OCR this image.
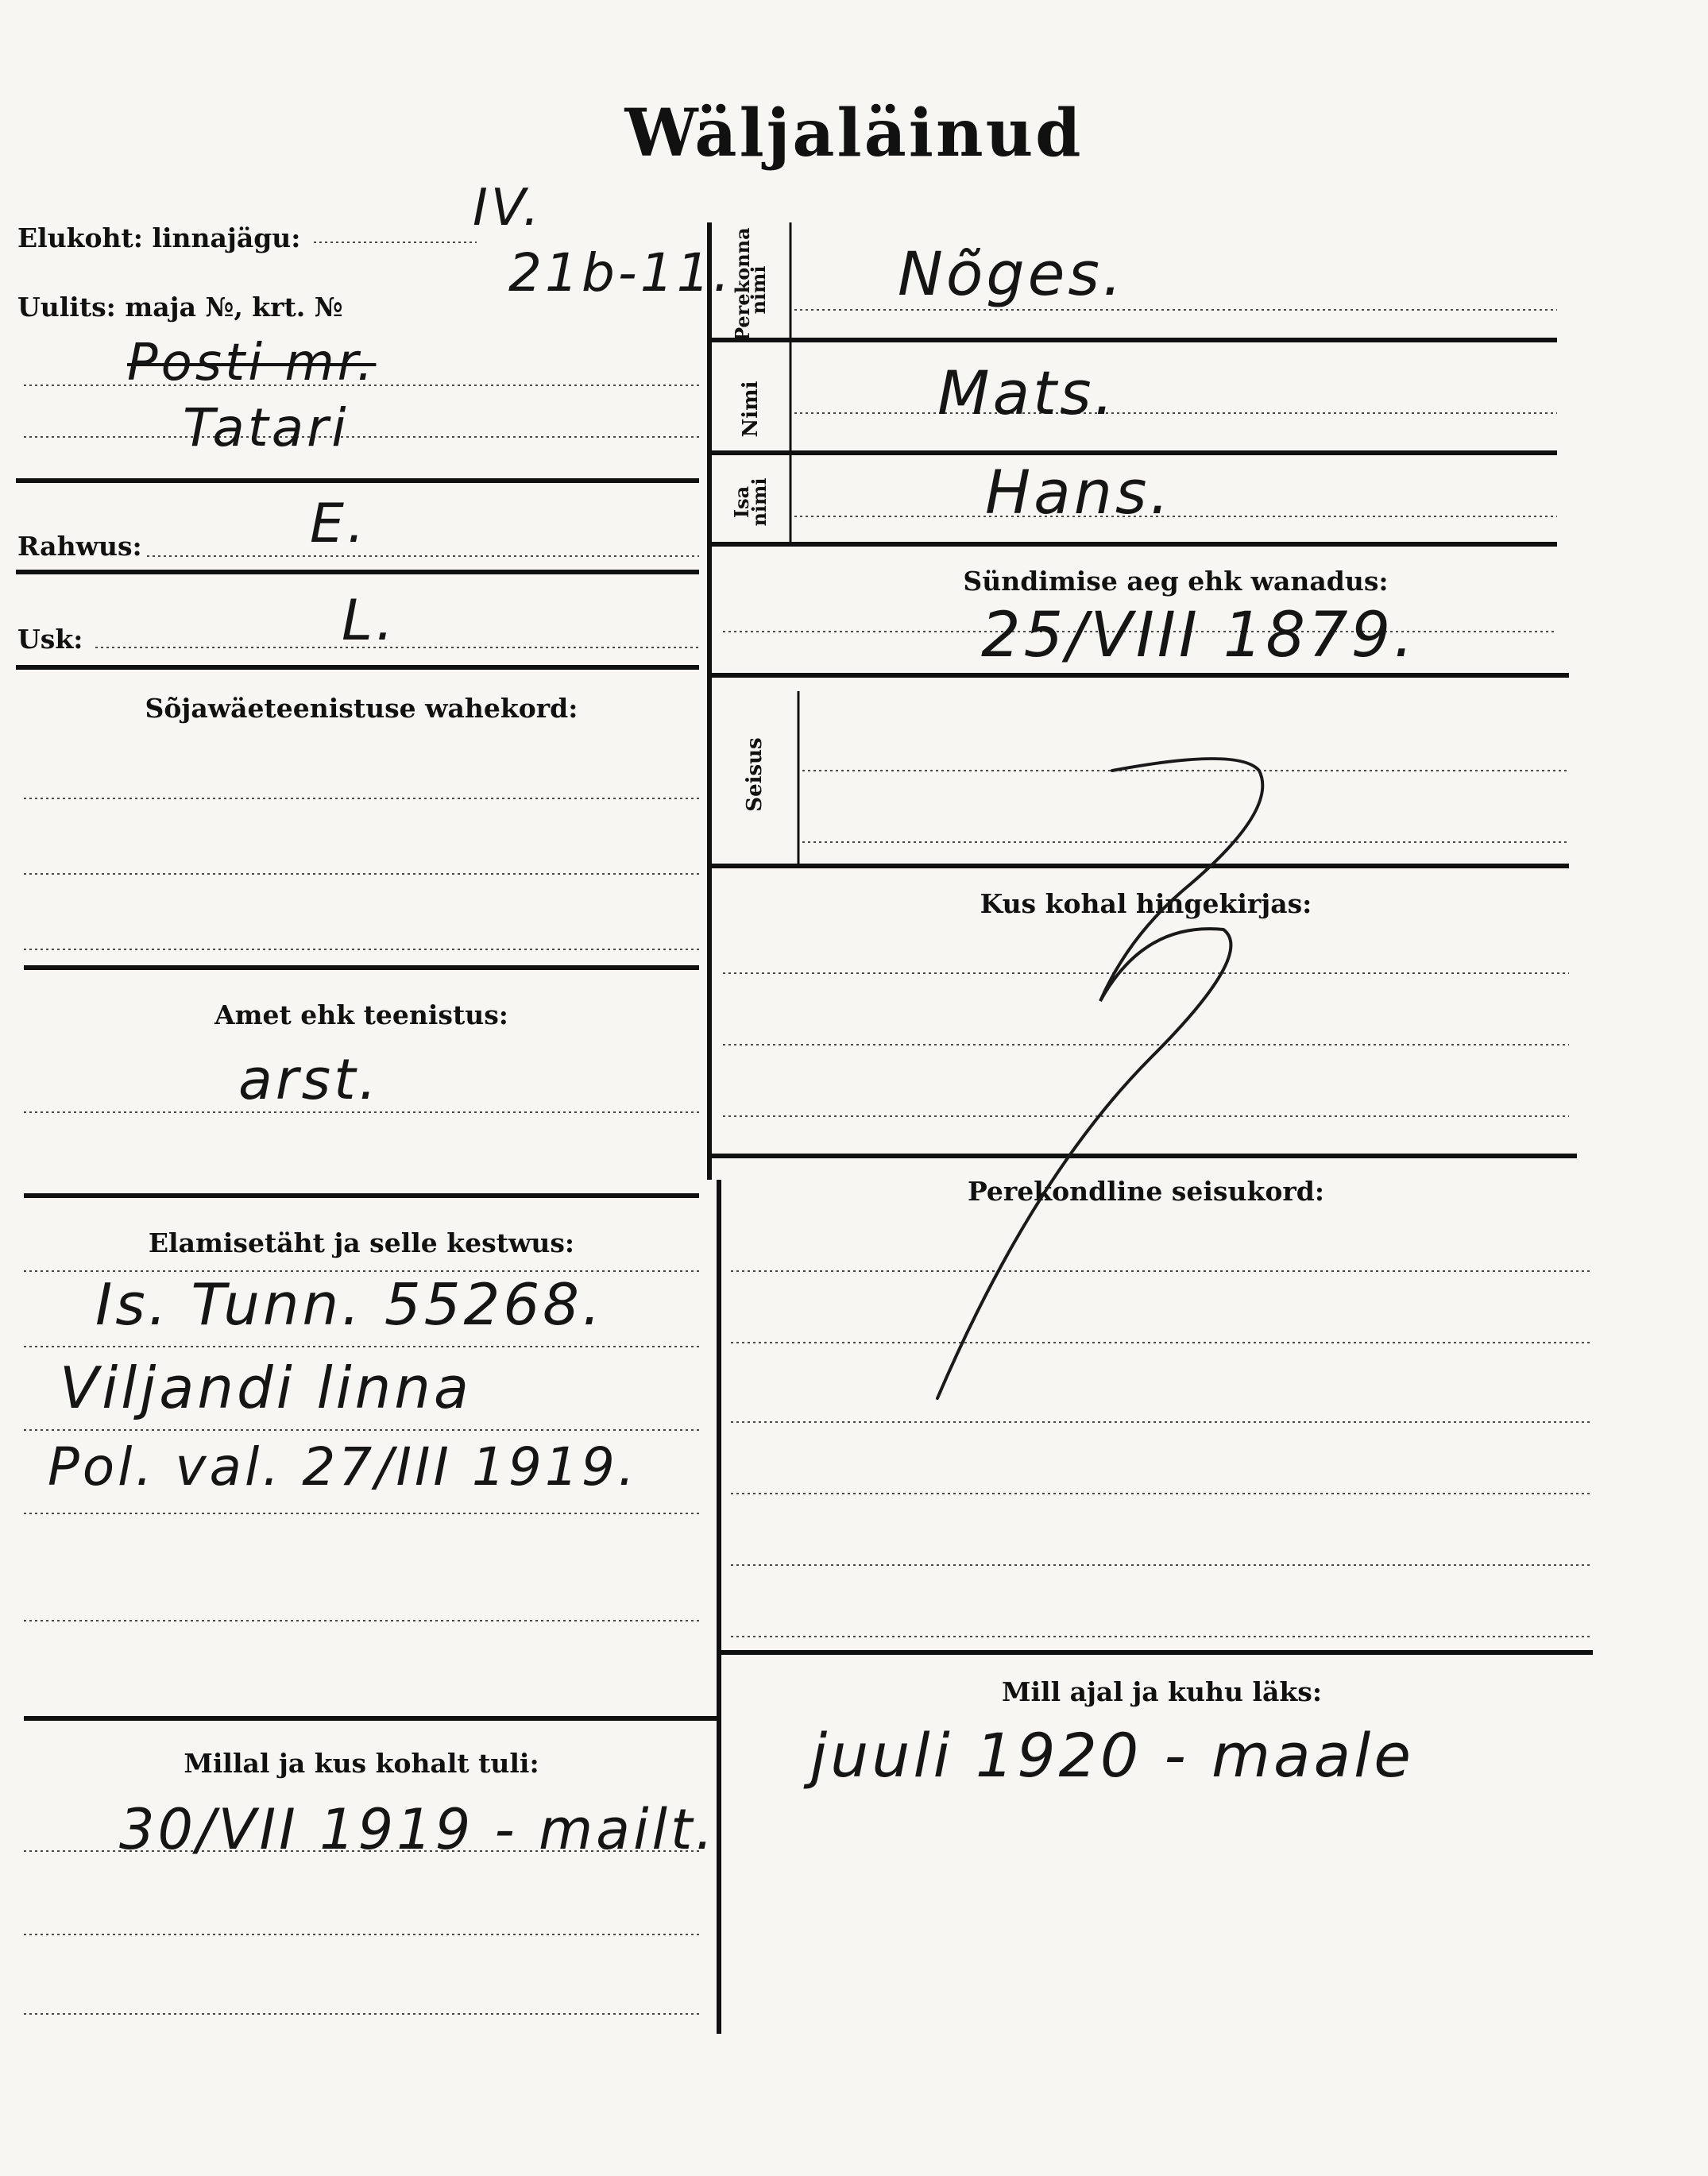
Wäljaläinud
Elukoht: linnajägu:
Uulits: maja №, krt. №
Rahwus:
Usk:
Sõjawäeteenistuse wahekord:
Amet ehk teenistus:
Elamisetäht ja selle kestwus:
Millal ja kus kohalt tuli:
Perekonna nimi
Nimi
Isa nimi
Seisus
Sündimise aeg ehk wanadus:
Kus kohal hingekirjas:
Perekondline seisukord:
Mill ajal ja kuhu läks:
IV.
21b-11.
Posti mr.
Tatari
E.
L.
arst.
Is. Tunn. 55268.
Viljandi linna
Pol. val. 27/III 1919.
30/VII 1919 - mailt.
Nõges.
Mats.
Hans.
25/VIII 1879.
juuli 1920 - maale
